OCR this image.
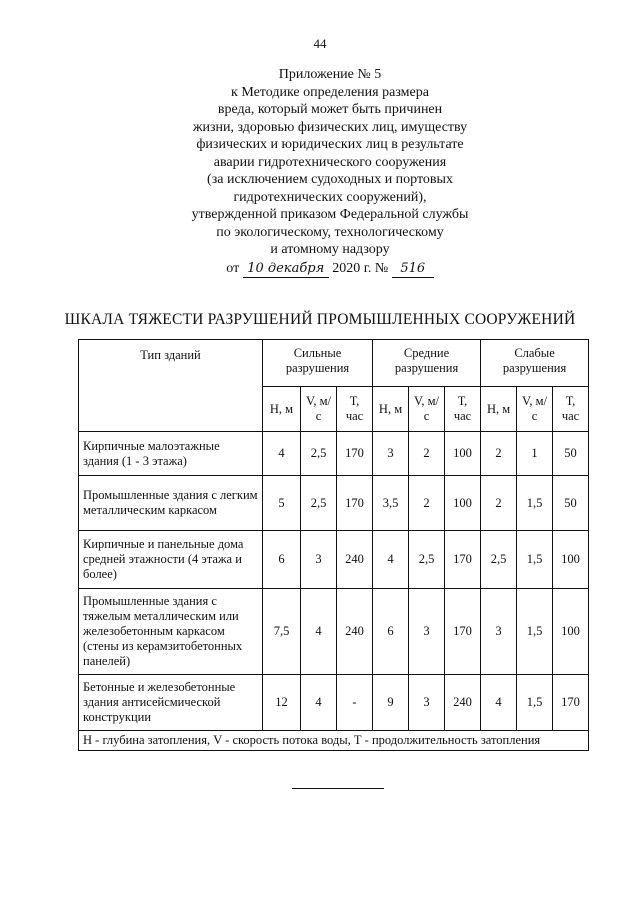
44
Приложение № 5
к Методике определения размера
вреда, который может быть причинен
жизни, здоровью физических лиц, имуществу
физических и юридических лиц в результате
аварии гидротехнического сооружения
(за исключением судоходных и портовых
гидротехнических сооружений),
утвержденной приказом Федеральной службы
по экологическому, технологическому
и атомному надзору
от 10 декабря 2020 г. № 516
ШКАЛА ТЯЖЕСТИ РАЗРУШЕНИЙ ПРОМЫШЛЕННЫХ СООРУЖЕНИЙ
Тип зданий	Сильные разрушения			Средние разрушения			Слабые разрушения		
	Н, м	V, м/с	Т, час	Н, м	V, м/с	Т, час	Н, м	V, м/с	Т, час
Кирпичные малоэтажные здания (1 - 3 этажа)	4	2,5	170	3	2	100	2	1	50
Промышленные здания с легким металлическим каркасом	5	2,5	170	3,5	2	100	2	1,5	50
Кирпичные и панельные дома средней этажности (4 этажа и более)	6	3	240	4	2,5	170	2,5	1,5	100
Промышленные здания с тяжелым металлическим или железобетонным каркасом (стены из керамзитобетонных панелей)	7,5	4	240	6	3	170	3	1,5	100
Бетонные и железобетонные здания антисейсмической конструкции	12	4	-	9	3	240	4	1,5	170
Н - глубина затопления, V - скорость потока воды, Т - продолжительность затопления									
